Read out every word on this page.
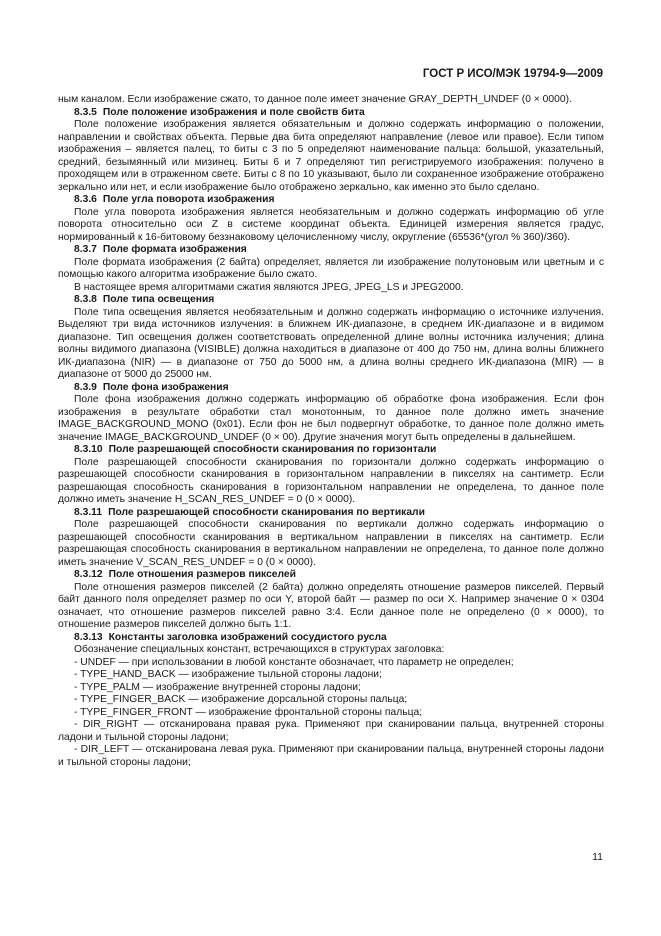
ГОСТ Р ИСО/МЭК 19794-9—2009

ным каналом. Если изображение сжато, то данное поле имеет значение GRAY_DEPTH_UNDEF (0 × 0000).

8.3.5 Поле положение изображения и поле свойств бита

Поле положение изображения является обязательным и должно содержать информацию о положении, направлении и свойствах объекта. Первые два бита определяют направление (левое или правое). Если типом изображения – является палец, то биты с 3 по 5 определяют наименование пальца: большой, указательный, средний, безымянный или мизинец. Биты 6 и 7 определяют тип регистрируемого изображения: получено в проходящем или в отраженном свете. Биты с 8 по 10 указывают, было ли сохраненное изображение отображено зеркально или нет, и если изображение было отображено зеркально, как именно это было сделано.

8.3.6 Поле угла поворота изображения

Поле угла поворота изображения является необязательным и должно содержать информацию об угле поворота относительно оси Z в системе координат объекта. Единицей измерения является градус, нормированный к 16-битовому беззнаковому целочисленному числу, округление (65536*(угол % 360)/360).

8.3.7 Поле формата изображения

Поле формата изображения (2 байта) определяет, является ли изображение полутоновым или цветным и с помощью какого алгоритма изображение было сжато.

В настоящее время алгоритмами сжатия являются JPEG, JPEG_LS и JPEG2000.

8.3.8 Поле типа освещения

Поле типа освещения является необязательным и должно содержать информацию о источнике излучения. Выделяют три вида источников излучения: в ближнем ИК-диапазоне, в среднем ИК-диапазоне и в видимом диапазоне. Тип освещения должен соответствовать определенной длине волны источника излучения; длина волны видимого диапазона (VISIBLE) должна находиться в диапазоне от 400 до 750 нм, длина волны ближнего ИК-диапазона (NIR) — в диапазоне от 750 до 5000 нм, а длина волны среднего ИК-диапазона (MIR) — в диапазоне от 5000 до 25000 нм.

8.3.9 Поле фона изображения

Поле фона изображения должно содержать информацию об обработке фона изображения. Если фон изображения в результате обработки стал монотонным, то данное поле должно иметь значение IMAGE_BACKGROUND_MONO (0x01). Если фон не был подвергнут обработке, то данное поле должно иметь значение IMAGE_BACKGROUND_UNDEF (0 × 00). Другие значения могут быть определены в дальнейшем.

8.3.10 Поле разрешающей способности сканирования по горизонтали

Поле разрешающей способности сканирования по горизонтали должно содержать информацию о разрешающей способности сканирования в горизонтальном направлении в пикселях на сантиметр. Если разрешающая способность сканирования в горизонтальном направлении не определена, то данное поле должно иметь значение H_SCAN_RES_UNDEF = 0 (0 × 0000).

8.3.11 Поле разрешающей способности сканирования по вертикали

Поле разрешающей способности сканирования по вертикали должно содержать информацию о разрешающей способности сканирования в вертикальном направлении в пикселях на сантиметр. Если разрешающая способность сканирования в вертикальном направлении не определена, то данное поле должно иметь значение V_SCAN_RES_UNDEF = 0 (0 × 0000).

8.3.12 Поле отношения размеров пикселей

Поле отношения размеров пикселей (2 байта) должно определять отношение размеров пикселей. Первый байт данного поля определяет размер по оси Y, второй байт — размер по оси X. Например значение 0 × 0304 означает, что отношение размеров пикселей равно 3:4. Если данное поле не определено (0 × 0000), то отношение размеров пикселей должно быть 1:1.

8.3.13 Константы заголовка изображений сосудистого русла

Обозначение специальных констант, встречающихся в структурах заголовка:

- UNDEF — при использовании в любой константе обозначает, что параметр не определен;

- TYPE_HAND_BACK — изображение тыльной стороны ладони;

- TYPE_PALM — изображение внутренней стороны ладони;

- TYPE_FINGER_BACK — изображение дорсальной стороны пальца;

- TYPE_FINGER_FRONT — изображение фронтальной стороны пальца;

- DIR_RIGHT — отсканирована правая рука. Применяют при сканировании пальца, внутренней стороны ладони и тыльной стороны ладони;

- DIR_LEFT — отсканирована левая рука. Применяют при сканировании пальца, внутренней стороны ладони и тыльной стороны ладони;

11
